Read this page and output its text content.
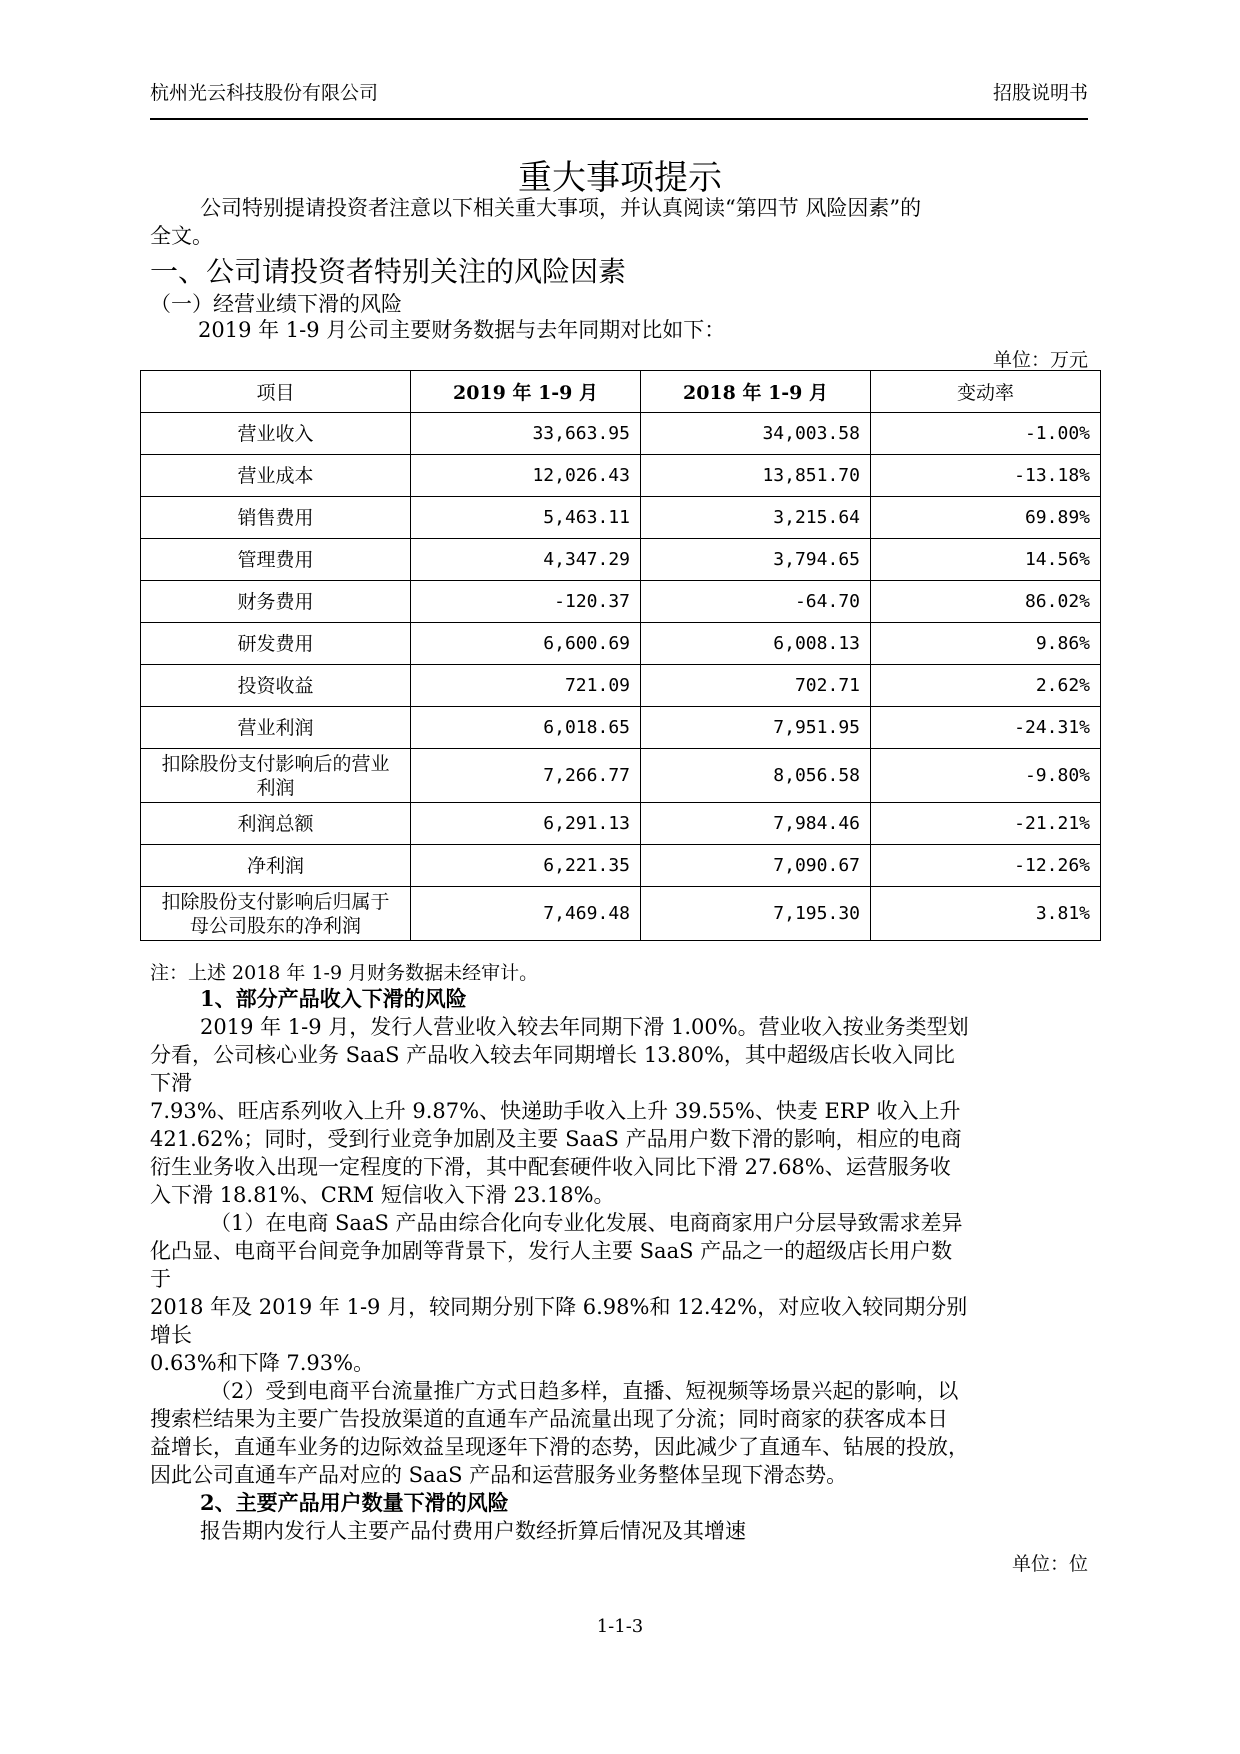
杭州光云科技股份有限公司	招股说明书
重大事项提示
公司特别提请投资者注意以下相关重大事项，并认真阅读“第四节 风险因素”的
全文。
一、公司请投资者特别关注的风险因素
（一）经营业绩下滑的风险
2019 年 1-9 月公司主要财务数据与去年同期对比如下：
单位：万元
项目	2019 年 1-9 月	2018 年 1-9 月	变动率
营业收入	33,663.95	34,003.58	-1.00%
营业成本	12,026.43	13,851.70	-13.18%
销售费用	5,463.11	3,215.64	69.89%
管理费用	4,347.29	3,794.65	14.56%
财务费用	-120.37	-64.70	86.02%
研发费用	6,600.69	6,008.13	9.86%
投资收益	721.09	702.71	2.62%
营业利润	6,018.65	7,951.95	-24.31%

扣除股份支付影响后的营业
利润	7,266.77	8,056.58	-9.80%
利润总额	6,291.13	7,984.46	-21.21%
净利润	6,221.35	7,090.67	-12.26%

扣除股份支付影响后归属于
母公司股东的净利润	7,469.48	7,195.30	3.81%
注：上述 2018 年 1-9 月财务数据未经审计。
1、部分产品收入下滑的风险
2019 年 1-9 月，发行人营业收入较去年同期下滑 1.00%。营业收入按业务类型划
分看，公司核心业务 SaaS 产品收入较去年同期增长 13.80%，其中超级店长收入同比
下滑
7.93%、旺店系列收入上升 9.87%、快递助手收入上升 39.55%、快麦 ERP 收入上升
421.62%；同时，受到行业竞争加剧及主要 SaaS 产品用户数下滑的影响，相应的电商
衍生业务收入出现一定程度的下滑，其中配套硬件收入同比下滑 27.68%、运营服务收
入下滑 18.81%、CRM 短信收入下滑 23.18%。
（1）在电商 SaaS 产品由综合化向专业化发展、电商商家用户分层导致需求差异
化凸显、电商平台间竞争加剧等背景下，发行人主要 SaaS 产品之一的超级店长用户数
于
2018 年及 2019 年 1-9 月，较同期分别下降 6.98%和 12.42%，对应收入较同期分别
增长
0.63%和下降 7.93%。
（2）受到电商平台流量推广方式日趋多样，直播、短视频等场景兴起的影响，以
搜索栏结果为主要广告投放渠道的直通车产品流量出现了分流；同时商家的获客成本日
益增长，直通车业务的边际效益呈现逐年下滑的态势，因此减少了直通车、钻展的投放，
因此公司直通车产品对应的 SaaS 产品和运营服务业务整体呈现下滑态势。
2、主要产品用户数量下滑的风险
报告期内发行人主要产品付费用户数经折算后情况及其增速
单位：位
1-1-3
